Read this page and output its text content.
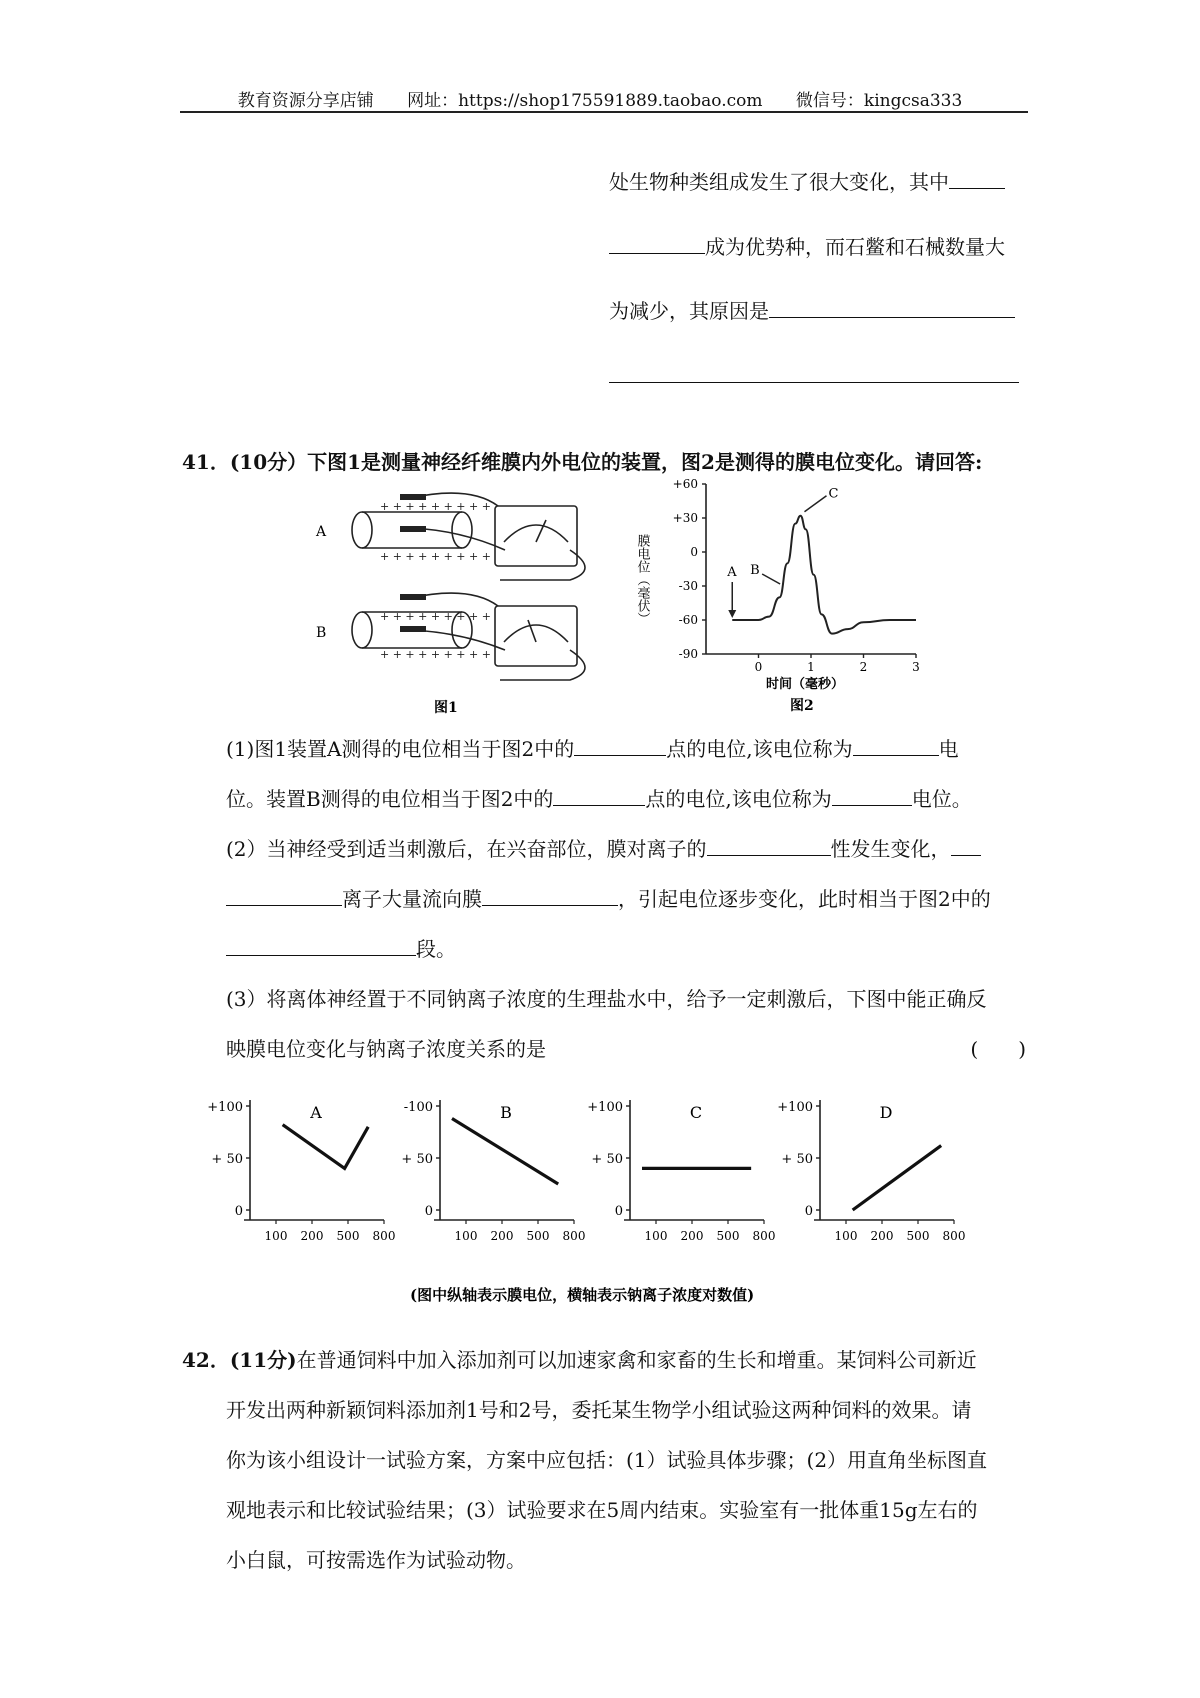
教育资源分享店铺 网址：https://shop175591889.taobao.com 微信号：kingcsa333
处生物种类组成发生了很大变化，其中
成为优势种，而石鳖和石械数量大
为减少，其原因是
41．(10分）下图1是测量神经纤维膜内外电位的装置，图2是测得的膜电位变化。请回答:
+ + + + + + + + +
+ + + + + + + + +
+ + + + + + + + +
+ + + + + + + + +
A
B
图1
膜电位（毫伏）
+60
+30
0
-30
-60
-90
0	1	2	3
A B
C
时间（毫秒）
图2
(1)图1装置A测得的电位相当于图2中的	点的电位,该电位称为	电
位。装置B测得的电位相当于图2中的	点的电位,该电位称为	电位。
(2）当神经受到适当刺激后，在兴奋部位，膜对离子的	性发生变化，
离子大量流向膜	，引起电位逐步变化，此时相当于图2中的
段。
(3）将离体神经置于不同钠离子浓度的生理盐水中，给予一定刺激后，下图中能正确反
映膜电位变化与钠离子浓度关系的是	(　　)
0
+ 50
+100
100 200 500 800
A
0
+ 50
-100
100 200 500 800
B
0
+ 50
+100
100 200 500 800
C
0
+ 50
+100
100 200 500 800
D
(图中纵轴表示膜电位，横轴表示钠离子浓度对数值)
42．(11分)在普通饲料中加入添加剂可以加速家禽和家畜的生长和增重。某饲料公司新近
开发出两种新颖饲料添加剂1号和2号，委托某生物学小组试验这两种饲料的效果。请
你为该小组设计一试验方案，方案中应包括：(1）试验具体步骤；(2）用直角坐标图直
观地表示和比较试验结果；(3）试验要求在5周内结束。实验室有一批体重15g左右的
小白鼠，可按需选作为试验动物。
